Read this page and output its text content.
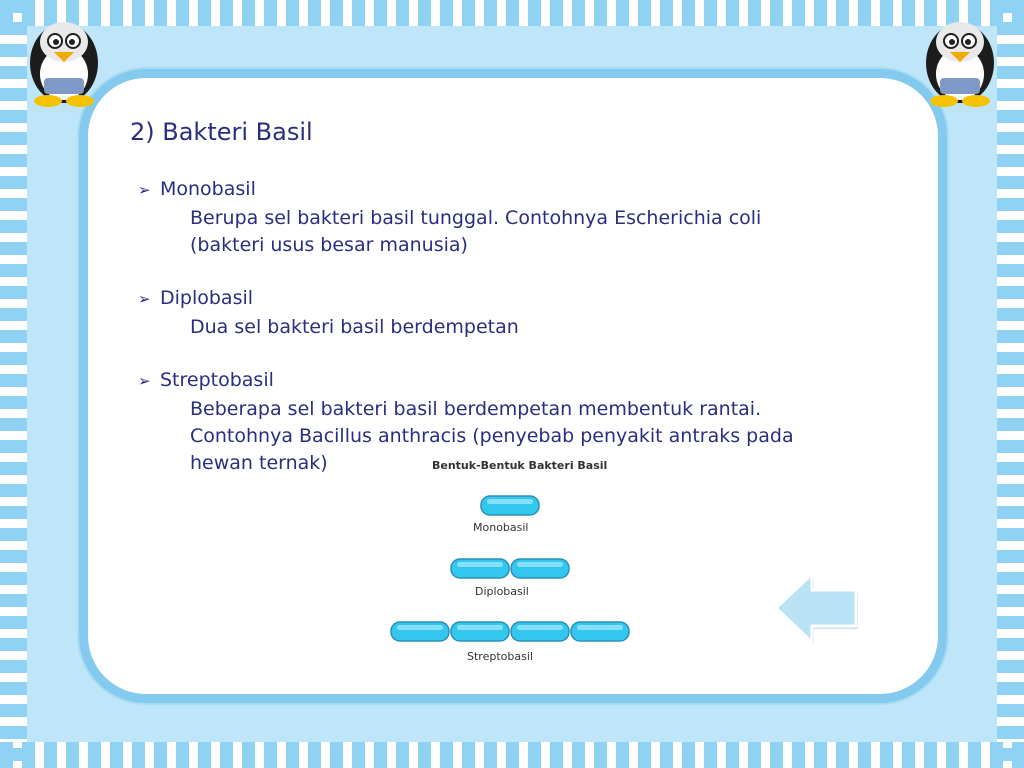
2) Bakteri Basil
➢ Monobasil
Berupa sel bakteri basil tunggal. Contohnya Escherichia coli
(bakteri usus besar manusia)
➢ Diplobasil
Dua sel bakteri basil berdempetan
➢ Streptobasil
Beberapa sel bakteri basil berdempetan membentuk rantai.
Contohnya Bacillus anthracis (penyebab penyakit antraks pada
hewan ternak)	Bentuk-Bentuk Bakteri Basil
Monobasil
Diplobasil
Streptobasil
